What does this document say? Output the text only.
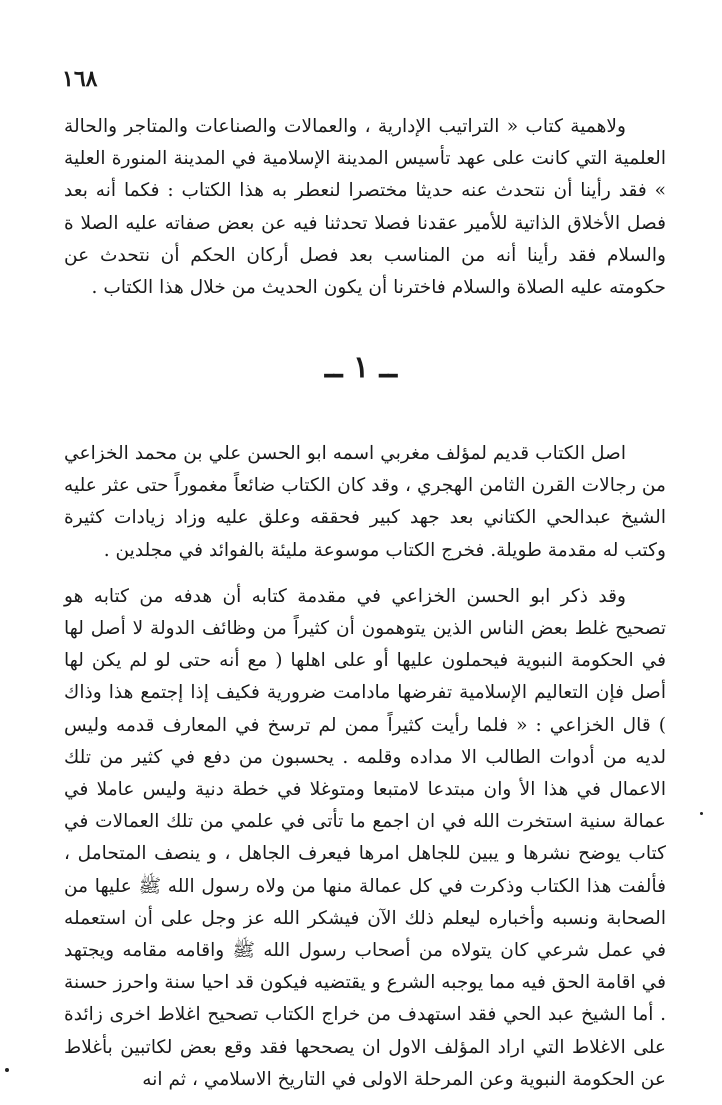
١٦٨

ولاهمية كتاب « التراتيب الإدارية ، والعمالات والصناعات والمتاجر والحالة العلمية التي كانت على عهد تأسيس المدينة الإسلامية في المدينة المنورة العلية » فقد رأينا أن نتحدث عنه حديثا مختصرا لنعطر به هذا الكتاب : فكما أنه بعد فصل الأخلاق الذاتية للأمير عقدنا فصلا تحدثنا فيه عن بعض صفاته عليه الصلا ة والسلام فقد رأينا أنه من المناسب بعد فصل أركان الحكم أن نتحدث عن حكومته عليه الصلاة والسلام فاخترنا أن يكون الحديث من خلال هذا الكتاب .

ــ ١ ــ

اصل الكتاب قديم لمؤلف مغربي اسمه ابو الحسن علي بن محمد الخزاعي من رجالات القرن الثامن الهجري ، وقد كان الكتاب ضائعاً مغموراً حتى عثر عليه الشيخ عبدالحي الكتاني بعد جهد كبير فحققه وعلق عليه وزاد زيادات كثيرة وكتب له مقدمة طويلة. فخرج الكتاب موسوعة مليئة بالفوائد في مجلدين .

وقد ذكر ابو الحسن الخزاعي في مقدمة كتابه أن هدفه من كتابه هو تصحيح غلط بعض الناس الذين يتوهمون أن كثيراً من وظائف الدولة لا أصل لها في الحكومة النبوية فيحملون عليها أو على اهلها ( مع أنه حتى لو لم يكن لها أصل فإن التعاليم الإسلامية تفرضها مادامت ضرورية فكيف إذا إجتمع هذا وذاك ) قال الخزاعي : « فلما رأيت كثيراً ممن لم ترسخ في المعارف قدمه وليس لديه من أدوات الطالب الا مداده وقلمه . يحسبون من دفع في كثير من تلك الاعمال في هذا الأ وان مبتدعا لامتبعا ومتوغلا في خطة دنية وليس عاملا في عمالة سنية استخرت الله في ان اجمع ما تأتى في علمي من تلك العمالات في كتاب يوضح نشرها و يبين للجاهل امرها فيعرف الجاهل ، و ينصف المتحامل ، فألفت هذا الكتاب وذكرت في كل عمالة منها من ولاه رسول الله ﷺ عليها من الصحابة ونسبه وأخباره ليعلم ذلك الآن فيشكر الله عز وجل على أن استعمله في عمل شرعي كان يتولاه من أصحاب رسول الله ﷺ واقامه مقامه ويجتهد في اقامة الحق فيه مما يوجبه الشرع و يقتضيه فيكون قد احيا سنة واحرز حسنة . أما الشيخ عبد الحي فقد استهدف من خراج الكتاب تصحيح اغلاط اخرى زائدة على الاغلاط التي اراد المؤلف الاول ان يصححها فقد وقع بعض لكاتبين بأغلاط عن الحكومة النبوية وعن المرحلة الاولى في التاريخ الاسلامي ، ثم انه
